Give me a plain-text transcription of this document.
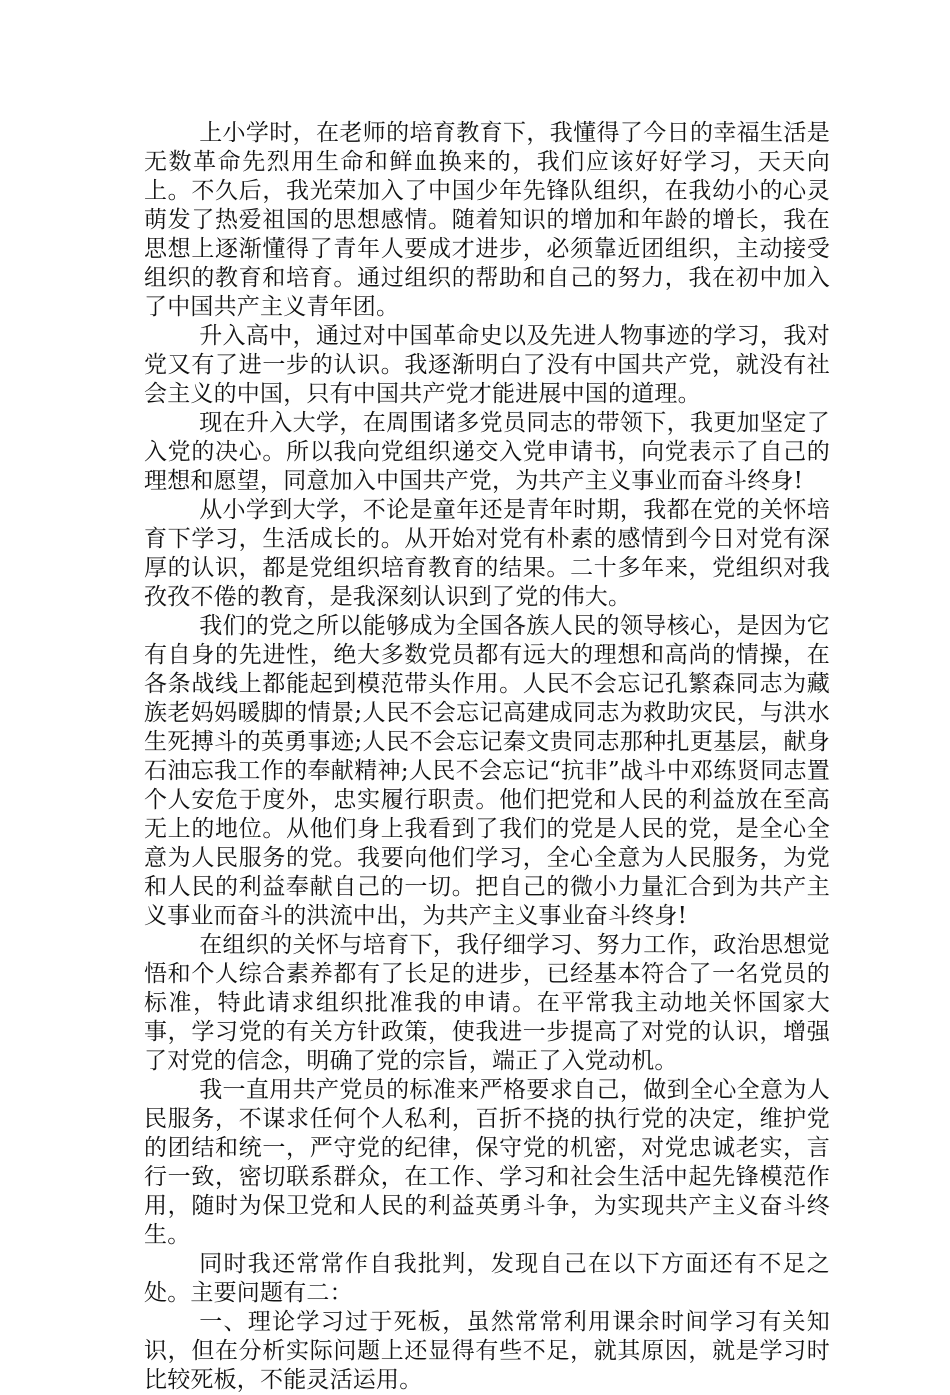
上小学时，在老师的培育教育下，我懂得了今日的幸福生活是无数革命先烈用生命和鲜血换来的，我们应该好好学习，天天向上。不久后，我光荣加入了中国少年先锋队组织，在我幼小的心灵萌发了热爱祖国的思想感情。随着知识的增加和年龄的增长，我在思想上逐渐懂得了青年人要成才进步，必须靠近团组织，主动接受组织的教育和培育。通过组织的帮助和自己的努力，我在初中加入了中国共产主义青年团。

升入高中，通过对中国革命史以及先进人物事迹的学习，我对党又有了进一步的认识。我逐渐明白了没有中国共产党，就没有社会主义的中国，只有中国共产党才能进展中国的道理。

现在升入大学，在周围诸多党员同志的带领下，我更加坚定了入党的决心。所以我向党组织递交入党申请书，向党表示了自己的理想和愿望，同意加入中国共产党，为共产主义事业而奋斗终身!

从小学到大学，不论是童年还是青年时期，我都在党的关怀培育下学习，生活成长的。从开始对党有朴素的感情到今日对党有深厚的认识，都是党组织培育教育的结果。二十多年来，党组织对我孜孜不倦的教育，是我深刻认识到了党的伟大。

我们的党之所以能够成为全国各族人民的领导核心，是因为它有自身的先进性，绝大多数党员都有远大的理想和高尚的情操，在各条战线上都能起到模范带头作用。人民不会忘记孔繁森同志为藏族老妈妈暖脚的情景;人民不会忘记高建成同志为救助灾民，与洪水生死搏斗的英勇事迹;人民不会忘记秦文贵同志那种扎更基层，献身石油忘我工作的奉献精神;人民不会忘记“抗非”战斗中邓练贤同志置个人安危于度外，忠实履行职责。他们把党和人民的利益放在至高无上的地位。从他们身上我看到了我们的党是人民的党，是全心全意为人民服务的党。我要向他们学习，全心全意为人民服务，为党和人民的利益奉献自己的一切。把自己的微小力量汇合到为共产主义事业而奋斗的洪流中出，为共产主义事业奋斗终身!

在组织的关怀与培育下，我仔细学习、努力工作，政治思想觉悟和个人综合素养都有了长足的进步，已经基本符合了一名党员的标准，特此请求组织批准我的申请。在平常我主动地关怀国家大事，学习党的有关方针政策，使我进一步提高了对党的认识，增强了对党的信念，明确了党的宗旨，端正了入党动机。

我一直用共产党员的标准来严格要求自己，做到全心全意为人民服务，不谋求任何个人私利，百折不挠的执行党的决定，维护党的团结和统一，严守党的纪律，保守党的机密，对党忠诚老实，言行一致，密切联系群众，在工作、学习和社会生活中起先锋模范作用，随时为保卫党和人民的利益英勇斗争，为实现共产主义奋斗终生。

同时我还常常作自我批判，发现自己在以下方面还有不足之处。主要问题有二：

一、理论学习过于死板，虽然常常利用课余时间学习有关知识，但在分析实际问题上还显得有些不足，就其原因，就是学习时比较死板，不能灵活运用。
